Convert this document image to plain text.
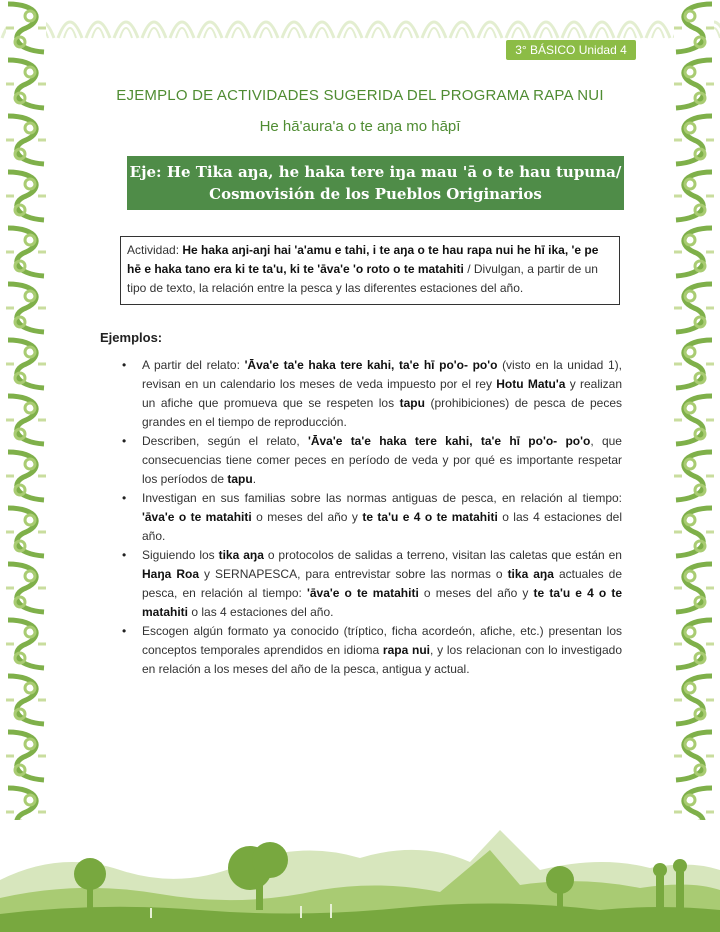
3° BÁSICO Unidad 4
EJEMPLO DE ACTIVIDADES SUGERIDA DEL PROGRAMA RAPA NUI
He hā'aura'a o te aŋa mo hāpī
Eje: He Tika aŋa, he haka tere iŋa mau 'ā o te hau tupuna/
Cosmovisión de los Pueblos Originarios
Actividad: He haka aŋi-aŋi hai 'a'amu e tahi, i te aŋa o te hau rapa nui he hī ika, 'e pe hē e haka tano era ki te ta'u, ki te 'āva'e 'o roto o te matahiti / Divulgan, a partir de un tipo de texto, la relación entre la pesca y las diferentes estaciones del año.
Ejemplos:
• A partir del relato: 'Āva'e ta'e haka tere kahi, ta'e hī po'o- po'o (visto en la unidad 1), revisan en un calendario los meses de veda impuesto por el rey Hotu Matu'a y realizan un afiche que promueva que se respeten los tapu (prohibiciones) de pesca de peces grandes en el tiempo de reproducción.
• Describen, según el relato, 'Āva'e ta'e haka tere kahi, ta'e hī po'o- po'o, que consecuencias tiene comer peces en período de veda y por qué es importante respetar los períodos de tapu.
• Investigan en sus familias sobre las normas antiguas de pesca, en relación al tiempo: 'āva'e o te matahiti o meses del año y te ta'u e 4 o te matahiti o las 4 estaciones del año.
• Siguiendo los tika aŋa o protocolos de salidas a terreno, visitan las caletas que están en Haŋa Roa y SERNAPESCA, para entrevistar sobre las normas o tika aŋa actuales de pesca, en relación al tiempo: 'āva'e o te matahiti o meses del año y te ta'u e 4 o te matahiti o las 4 estaciones del año.
• Escogen algún formato ya conocido (tríptico, ficha acordeón, afiche, etc.) presentan los conceptos temporales aprendidos en idioma rapa nui, y los relacionan con lo investigado en relación a los meses del año de la pesca, antigua y actual.
